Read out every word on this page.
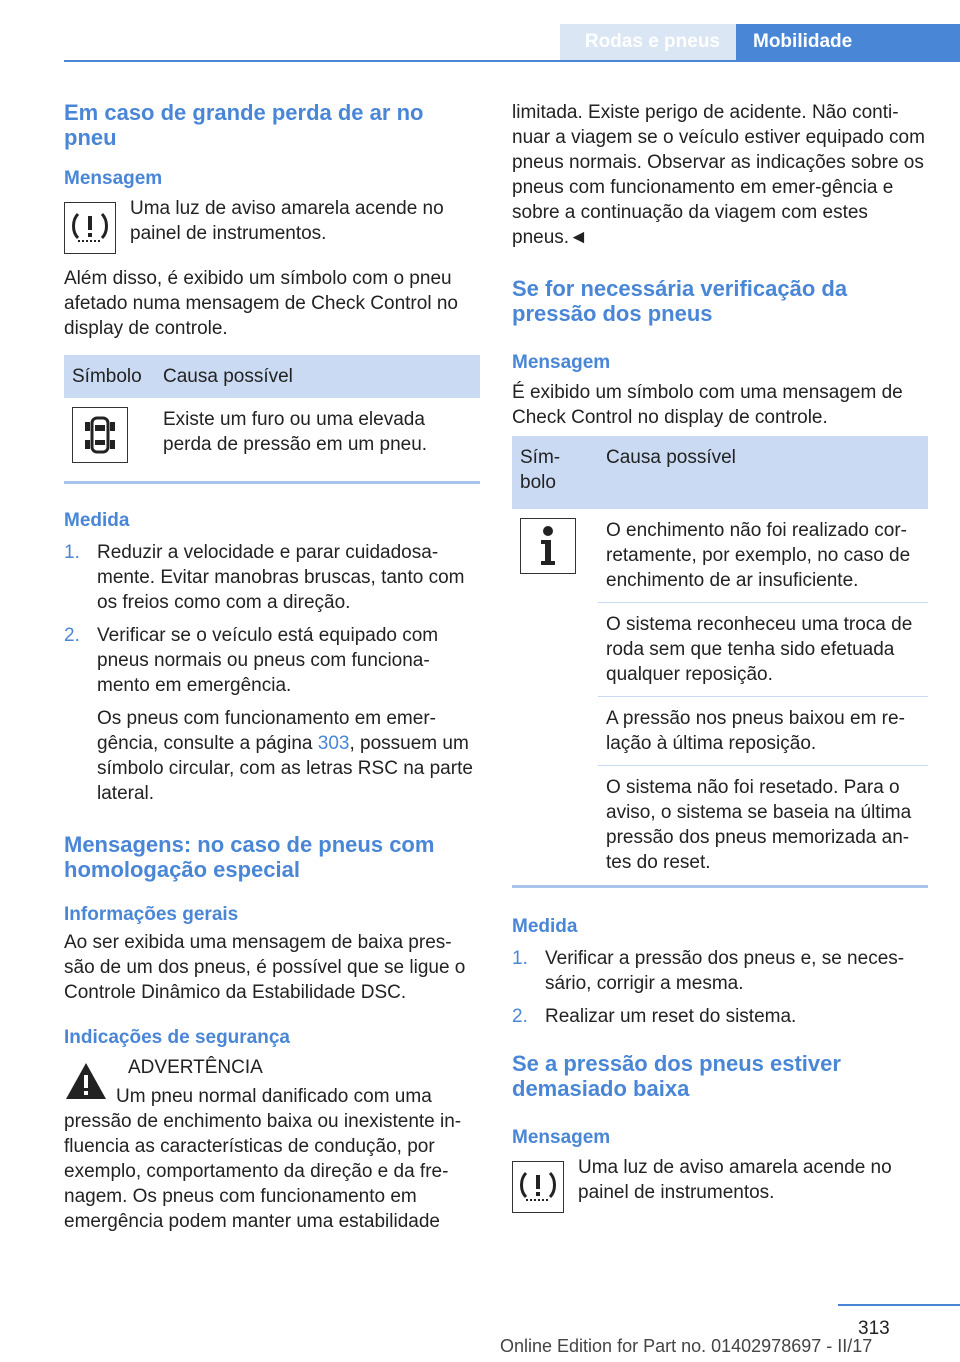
Rodas e pneus Mobilidade
Em caso de grande perda de ar no pneu
Mensagem

Uma luz de aviso amarela acende no painel de instrumentos.

Além disso, é exibido um símbolo com o pneu afetado numa mensagem de Check Control no display de controle.

Símbolo	Causa possível

	Existe um furo ou uma elevada perda de pressão em um pneu.
Medida
1. Reduzir a velocidade e parar cuidadosa‐mente. Evitar manobras bruscas, tanto com os freios como com a direção.
2. Verificar se o veículo está equipado com pneus normais ou pneus com funciona‐mento em emergência.

Os pneus com funcionamento em emer‐gência, consulte a página 303, possuem um símbolo circular, com as letras RSC na parte lateral.

Mensagens: no caso de pneus com homologação especial
Informações gerais

Ao ser exibida uma mensagem de baixa pres‐são de um dos pneus, é possível que se ligue o Controle Dinâmico da Estabilidade DSC.

Indicações de segurança

ADVERTÊNCIA

Um pneu normal danificado com uma pressão de enchimento baixa ou inexistente in‐fluencia as características de condução, por exemplo, comportamento da direção e da fre‐nagem. Os pneus com funcionamento em emergência podem manter uma estabilidade

limitada. Existe perigo de acidente. Não conti‐nuar a viagem se o veículo estiver equipado com pneus normais. Observar as indicações sobre os pneus com funcionamento em emer‐gência e sobre a continuação da viagem com estes pneus.◄

Se for necessária verificação da pressão dos pneus
Mensagem

É exibido um símbolo com uma mensagem de Check Control no display de controle.

Sím‐bolo	Causa possível

	O enchimento não foi realizado cor‐retamente, por exemplo, no caso de enchimento de ar insuficiente.
	O sistema reconheceu uma troca de roda sem que tenha sido efetuada qualquer reposição.
	A pressão nos pneus baixou em re‐lação à última reposição.
	O sistema não foi resetado. Para o aviso, o sistema se baseia na última pressão dos pneus memorizada an‐tes do reset.
Medida
1. Verificar a pressão dos pneus e, se neces‐sário, corrigir a mesma.
2. Realizar um reset do sistema.
Se a pressão dos pneus estiver demasiado baixa
Mensagem

Uma luz de aviso amarela acende no painel de instrumentos.

313
Online Edition for Part no. 01402978697 - II/17
